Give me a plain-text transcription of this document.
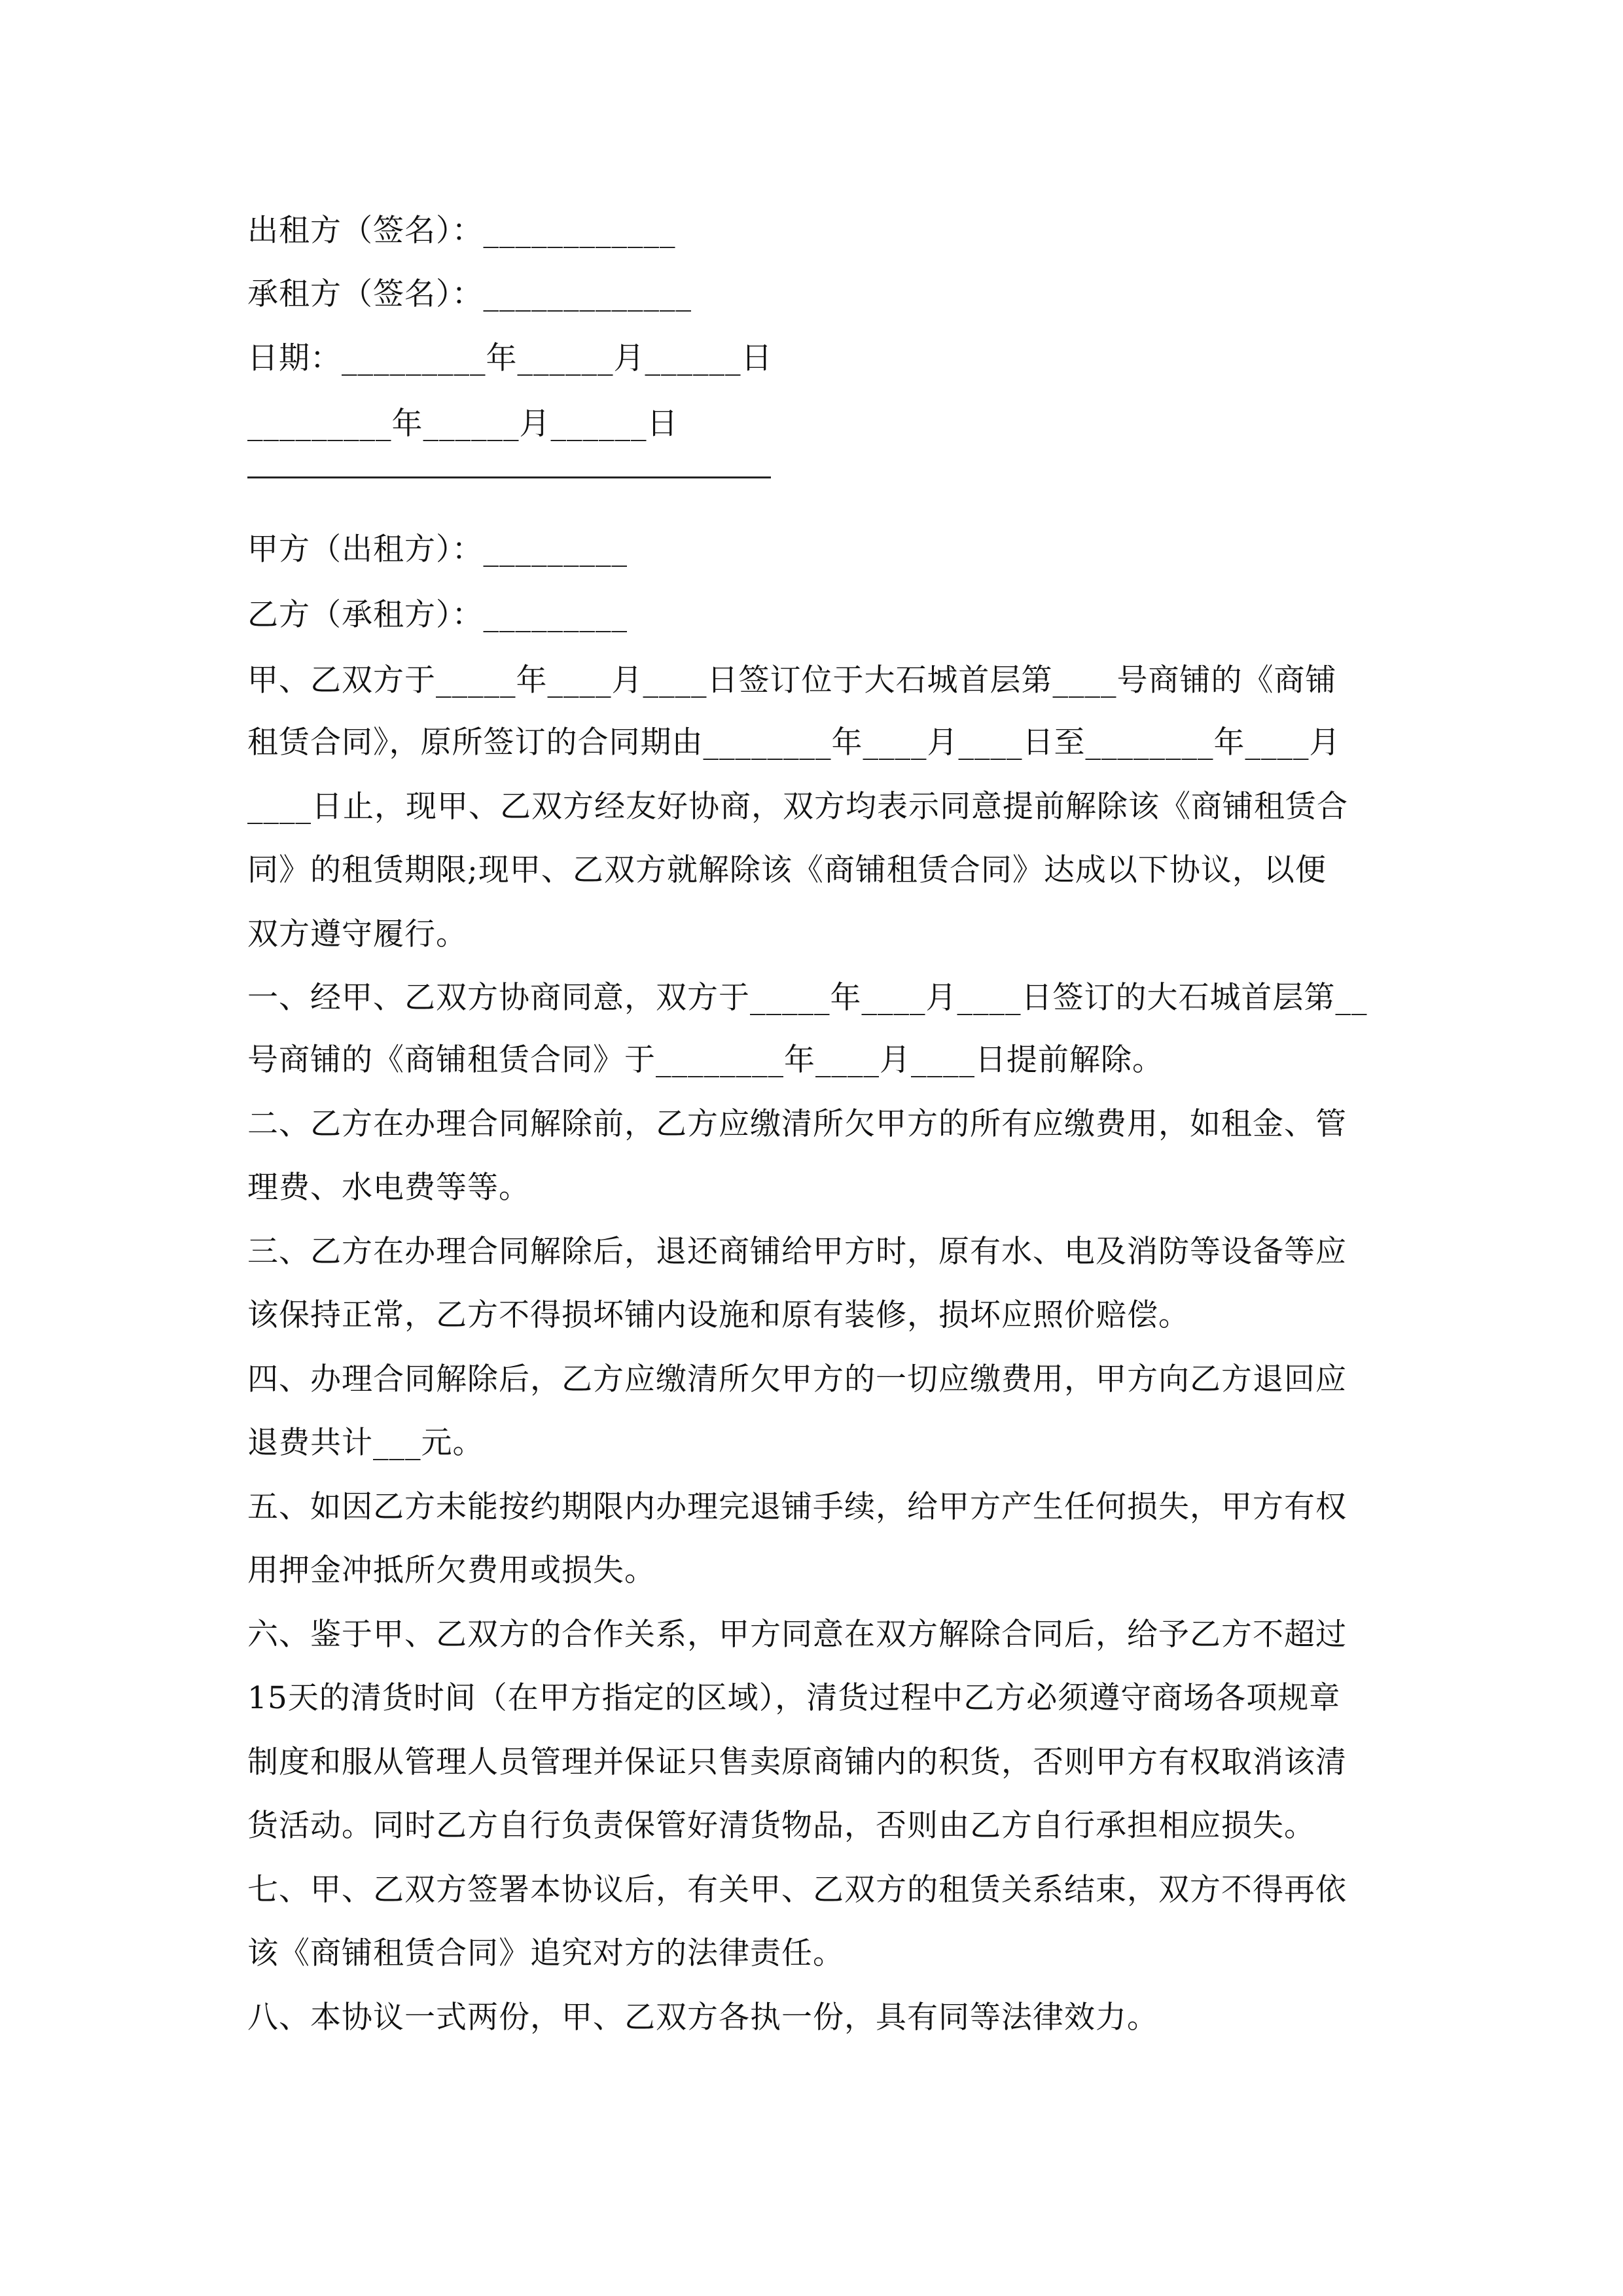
出租方（签名）：____________
承租方（签名）：_____________
日期：_________年______月______日
_________年______月______日
甲方（出租方）：_________
乙方（承租方）：_________
甲、乙双方于_____年____月____日签订位于大石城首层第____号商铺的《商铺
租赁合同》，原所签订的合同期由________年____月____日至________年____月
____日止，现甲、乙双方经友好协商，双方均表示同意提前解除该《商铺租赁合
同》的租赁期限;现甲、乙双方就解除该《商铺租赁合同》达成以下协议，以便
双方遵守履行。
一、经甲、乙双方协商同意，双方于_____年____月____日签订的大石城首层第__
号商铺的《商铺租赁合同》于________年____月____日提前解除。
二、乙方在办理合同解除前，乙方应缴清所欠甲方的所有应缴费用，如租金、管
理费、水电费等等。
三、乙方在办理合同解除后，退还商铺给甲方时，原有水、电及消防等设备等应
该保持正常，乙方不得损坏铺内设施和原有装修，损坏应照价赔偿。
四、办理合同解除后，乙方应缴清所欠甲方的一切应缴费用，甲方向乙方退回应
退费共计___元。
五、如因乙方未能按约期限内办理完退铺手续，给甲方产生任何损失，甲方有权
用押金冲抵所欠费用或损失。
六、鉴于甲、乙双方的合作关系，甲方同意在双方解除合同后，给予乙方不超过
15天的清货时间（在甲方指定的区域），清货过程中乙方必须遵守商场各项规章
制度和服从管理人员管理并保证只售卖原商铺内的积货，否则甲方有权取消该清
货活动。同时乙方自行负责保管好清货物品，否则由乙方自行承担相应损失。
七、甲、乙双方签署本协议后，有关甲、乙双方的租赁关系结束，双方不得再依
该《商铺租赁合同》追究对方的法律责任。
八、本协议一式两份，甲、乙双方各执一份，具有同等法律效力。
